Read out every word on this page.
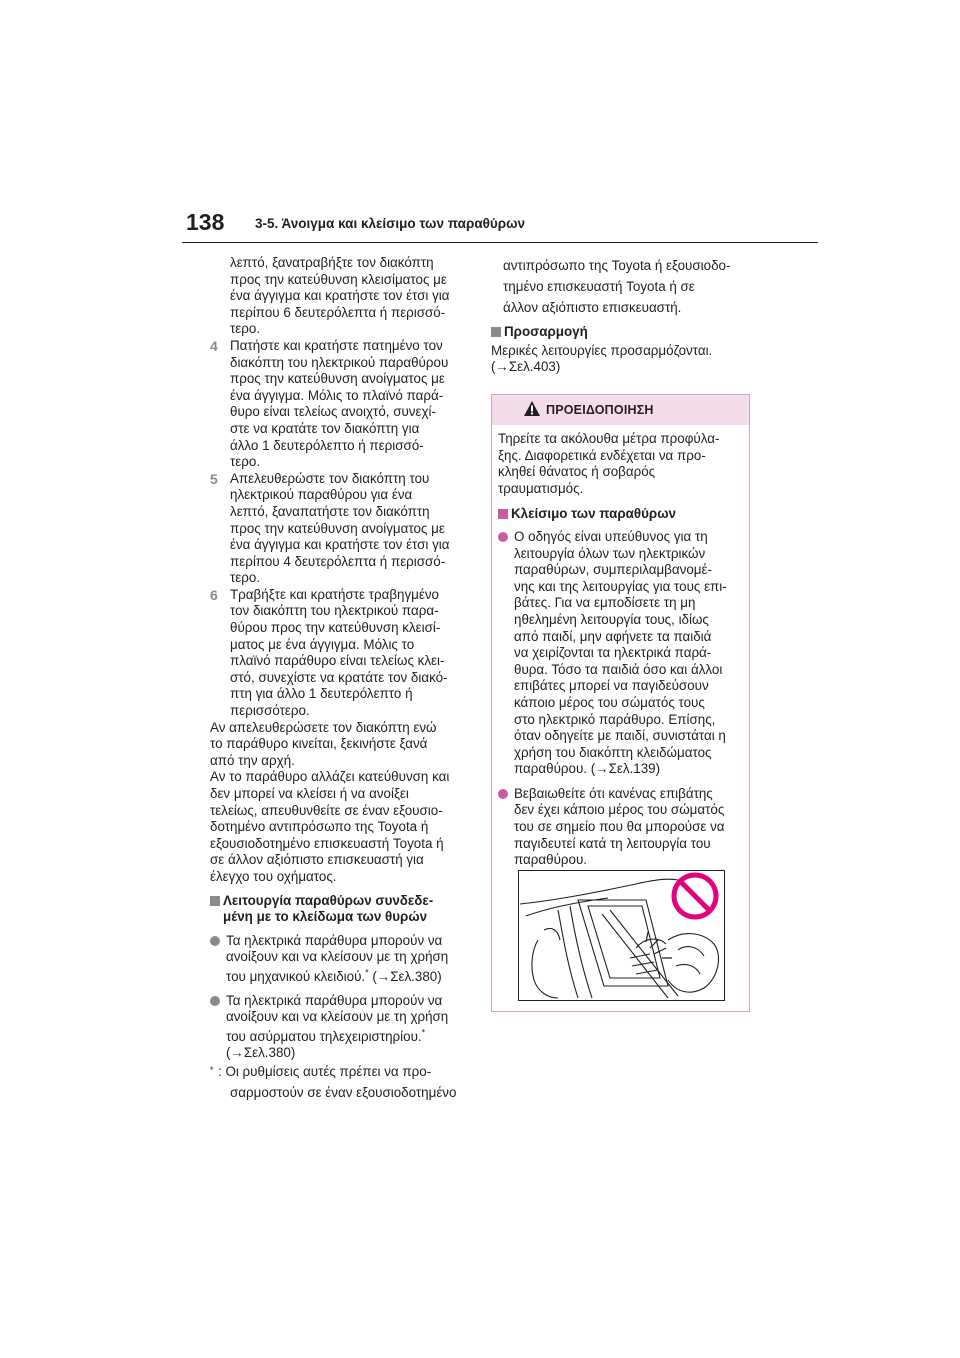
138 3-5. Άνοιγμα και κλείσιμο των παραθύρων

λεπτό, ξανατραβήξτε τον διακόπτη

προς την κατεύθυνση κλεισίματος με

ένα άγγιγμα και κρατήστε τον έτσι για

περίπου 6 δευτερόλεπτα ή περισσό-

τερο.

4 Πατήστε και κρατήστε πατημένο τον

διακόπτη του ηλεκτρικού παραθύρου

προς την κατεύθυνση ανοίγματος με

ένα άγγιγμα. Μόλις το πλαϊνό παρά-

θυρο είναι τελείως ανοιχτό, συνεχί-

στε να κρατάτε τον διακόπτη για

άλλο 1 δευτερόλεπτο ή περισσό-

τερο.

5 Απελευθερώστε τον διακόπτη του

ηλεκτρικού παραθύρου για ένα

λεπτό, ξαναπατήστε τον διακόπτη

προς την κατεύθυνση ανοίγματος με

ένα άγγιγμα και κρατήστε τον έτσι για

περίπου 4 δευτερόλεπτα ή περισσό-

τερο.

6 Τραβήξτε και κρατήστε τραβηγμένο

τον διακόπτη του ηλεκτρικού παρα-

θύρου προς την κατεύθυνση κλεισί-

ματος με ένα άγγιγμα. Μόλις το

πλαϊνό παράθυρο είναι τελείως κλει-

στό, συνεχίστε να κρατάτε τον διακό-

πτη για άλλο 1 δευτερόλεπτο ή

περισσότερο.

Αν απελευθερώσετε τον διακόπτη ενώ

το παράθυρο κινείται, ξεκινήστε ξανά

από την αρχή.

Αν το παράθυρο αλλάζει κατεύθυνση και

δεν μπορεί να κλείσει ή να ανοίξει

τελείως, απευθυνθείτε σε έναν εξουσιο-

δοτημένο αντιπρόσωπο της Toyota ή

εξουσιοδοτημένο επισκευαστή Toyota ή

σε άλλον αξιόπιστο επισκευαστή για

έλεγχο του οχήματος.

Λειτουργία παραθύρων συνδεδε-

μένη με το κλείδωμα των θυρών

Τα ηλεκτρικά παράθυρα μπορούν να

ανοίξουν και να κλείσουν με τη χρήση

του μηχανικού κλειδιού.* (→Σελ.380)

Τα ηλεκτρικά παράθυρα μπορούν να

ανοίξουν και να κλείσουν με τη χρήση

του ασύρματου τηλεχειριστηρίου.*

(→Σελ.380)

* : Οι ρυθμίσεις αυτές πρέπει να προ-

σαρμοστούν σε έναν εξουσιοδοτημένο

αντιπρόσωπο της Toyota ή εξουσιοδο-

τημένο επισκευαστή Toyota ή σε

άλλον αξιόπιστο επισκευαστή.

Προσαρμογή

Μερικές λειτουργίες προσαρμόζονται.

(→Σελ.403)

ΠΡΟΕΙΔΟΠΟΙΗΣΗ

Τηρείτε τα ακόλουθα μέτρα προφύλα-

ξης. Διαφορετικά ενδέχεται να προ-

κληθεί θάνατος ή σοβαρός

τραυματισμός.

Κλείσιμο των παραθύρων

Ο οδηγός είναι υπεύθυνος για τη

λειτουργία όλων των ηλεκτρικών

παραθύρων, συμπεριλαμβανομέ-

νης και της λειτουργίας για τους επι-

βάτες. Για να εμποδίσετε τη μη

ηθελημένη λειτουργία τους, ιδίως

από παιδί, μην αφήνετε τα παιδιά

να χειρίζονται τα ηλεκτρικά παρά-

θυρα. Τόσο τα παιδιά όσο και άλλοι

επιβάτες μπορεί να παγιδεύσουν

κάποιο μέρος του σώματός τους

στο ηλεκτρικό παράθυρο. Επίσης,

όταν οδηγείτε με παιδί, συνιστάται η

χρήση του διακόπτη κλειδώματος

παραθύρου. (→Σελ.139)

Βεβαιωθείτε ότι κανένας επιβάτης

δεν έχει κάποιο μέρος του σώματός

του σε σημείο που θα μπορούσε να

παγιδευτεί κατά τη λειτουργία του

παραθύρου.
